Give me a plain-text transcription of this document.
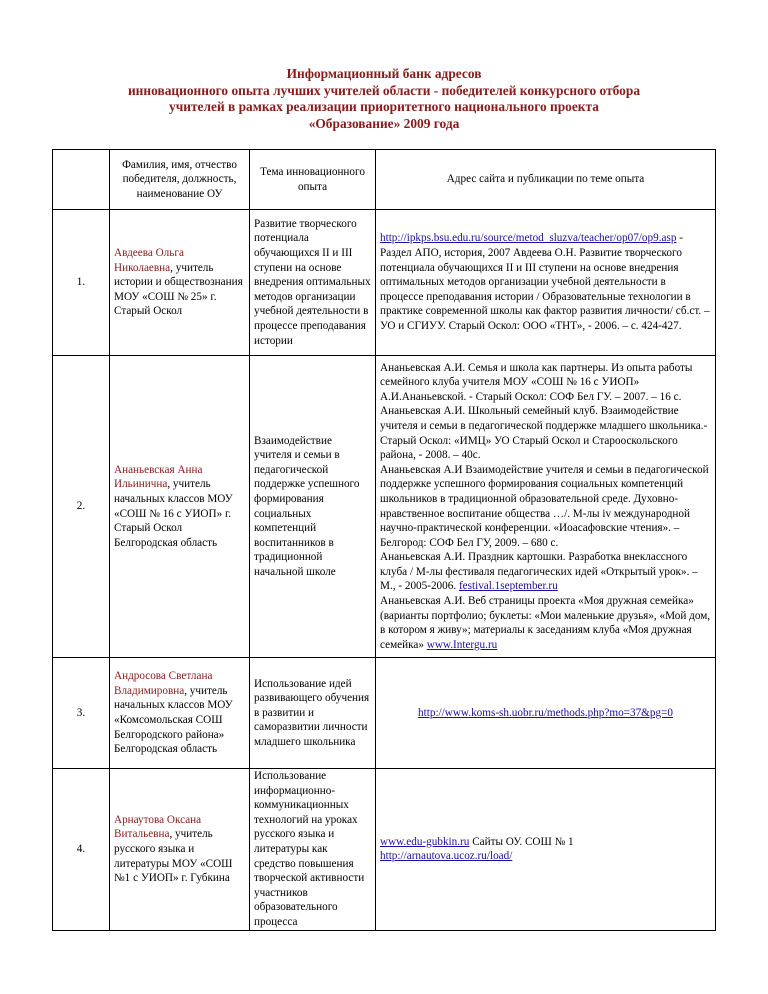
Информационный банк адресов
инновационного опыта лучших учителей области - победителей конкурсного отбора
учителей в рамках реализации приоритетного национального проекта
«Образование» 2009 года
	Фамилия, имя, отчество победителя, должность, наименование ОУ	Тема инновационного опыта	Адрес сайта и публикации по теме опыта
1.	Авдеева Ольга Николаевна, учитель истории и обществознания МОУ «СОШ № 25» г. Старый Оскол	Развитие творческого потенциала обучающихся II и III ступени на основе внедрения оптимальных методов организации учебной деятельности в процессе преподавания истории	http://ipkps.bsu.edu.ru/source/metod_sluzva/teacher/op07/op9.asp - Раздел АПО, история, 2007 Авдеева О.Н. Развитие творческого потенциала обучающихся II и III ступени на основе внедрения оптимальных методов организации учебной деятельности в процессе преподавания истории / Образовательные технологии в практике современной школы как фактор развития личности/ сб.ст. – УО и СГИУУ. Старый Оскол: ООО «ТНТ», - 2006. – с. 424-427.
2.	Ананьевская Анна Ильинична, учитель начальных классов МОУ «СОШ № 16 с УИОП» г. Старый Оскол Белгородская область	Взаимодействие учителя и семьи в педагогической поддержке успешного формирования социальных компетенций воспитанников в традиционной начальной школе	Ананьевская А.И. Семья и школа как партнеры. Из опыта работы семейного клуба учителя МОУ «СОШ № 16 с УИОП» А.И.Ананьевской. - Старый Оскол: СОФ Бел ГУ. – 2007. – 16 с.

Ананьевская А.И. Школьный семейный клуб. Взаимодействие учителя и семьи в педагогической поддержке младшего школьника.- Старый Оскол: «ИМЦ» УО Старый Оскол и Старооскольского района, - 2008. – 40с.

Ананьевская А.И Взаимодействие учителя и семьи в педагогической поддержке успешного формирования социальных компетенций школьников в традиционной образовательной среде. Духовно-нравственное воспитание общества …/. М-лы iv международной научно-практической конференции. «Иоасафовские чтения». – Белгород: СОФ Бел ГУ, 2009. – 680 с.

Ананьевская А.И. Праздник картошки. Разработка внеклассного клуба / М-лы фестиваля педагогических идей «Открытый урок». – М., - 2005-2006. festival.1september.ru

Ананьевская А.И. Веб страницы проекта «Моя дружная семейка» (варианты портфолио; буклеты: «Мои маленькие друзья», «Мой дом, в котором я живу»; материалы к заседаниям клуба «Моя дружная семейка» www.Intergu.ru

3.	Андросова Светлана Владимировна, учитель начальных классов МОУ «Комсомольская СОШ Белгородского района» Белгородская область	Использование идей развивающего обучения в развитии и саморазвитии личности младшего школьника	http://www.koms-sh.uobr.ru/methods.php?mo=37&pg=0
4.	Арнаутова Оксана Витальевна, учитель русского языка и литературы МОУ «СОШ №1 с УИОП» г. Губкина	Использование информационно-коммуникационных технологий на уроках русского языка и литературы как средство повышения творческой активности участников образовательного процесса	www.edu-gubkin.ru Сайты ОУ. СОШ № 1
http://arnautova.ucoz.ru/load/
